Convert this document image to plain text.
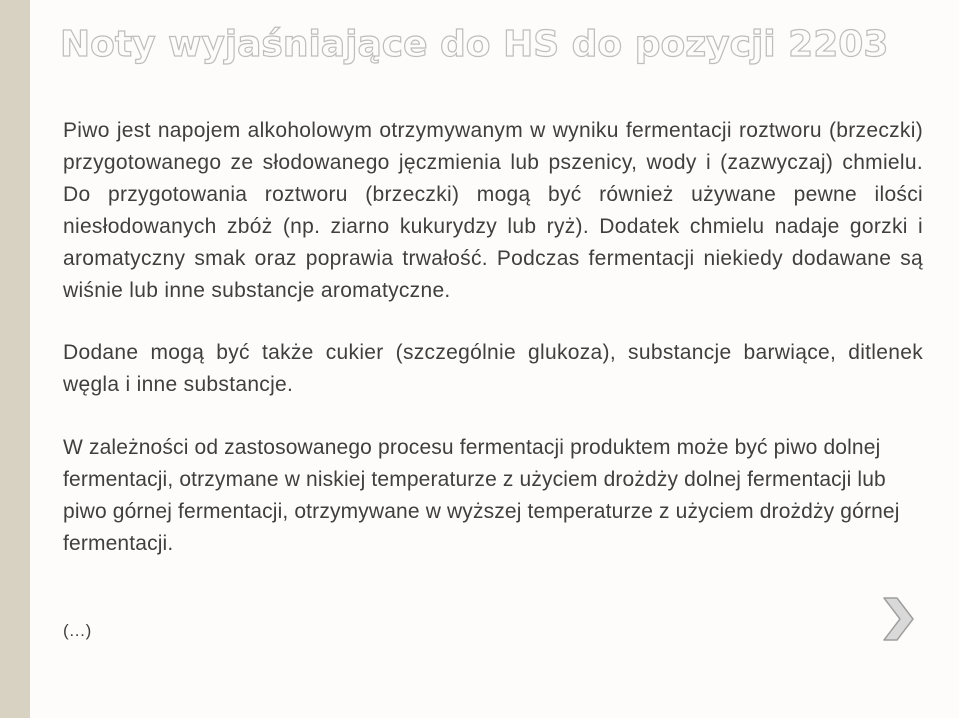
Noty wyjaśniające do HS do pozycji 2203

Piwo jest napojem alkoholowym otrzymywanym w wyniku fermentacji roztworu (brzeczki) przygotowanego ze słodowanego jęczmienia lub pszenicy, wody i (zazwyczaj) chmielu. Do przygotowania roztworu (brzeczki) mogą być również używane pewne ilości niesłodowanych zbóż (np. ziarno kukurydzy lub ryż). Dodatek chmielu nadaje gorzki i aromatyczny smak oraz poprawia trwałość. Podczas fermentacji niekiedy dodawane są wiśnie lub inne substancje aromatyczne.

Dodane mogą być także cukier (szczególnie glukoza), substancje barwiące, ditlenek węgla i inne substancje.

W zależności od zastosowanego procesu fermentacji produktem może być piwo dolnej fermentacji, otrzymane w niskiej temperaturze z użyciem drożdży dolnej fermentacji lub piwo górnej fermentacji, otrzymywane w wyższej temperaturze z użyciem drożdży górnej fermentacji.

(…)
